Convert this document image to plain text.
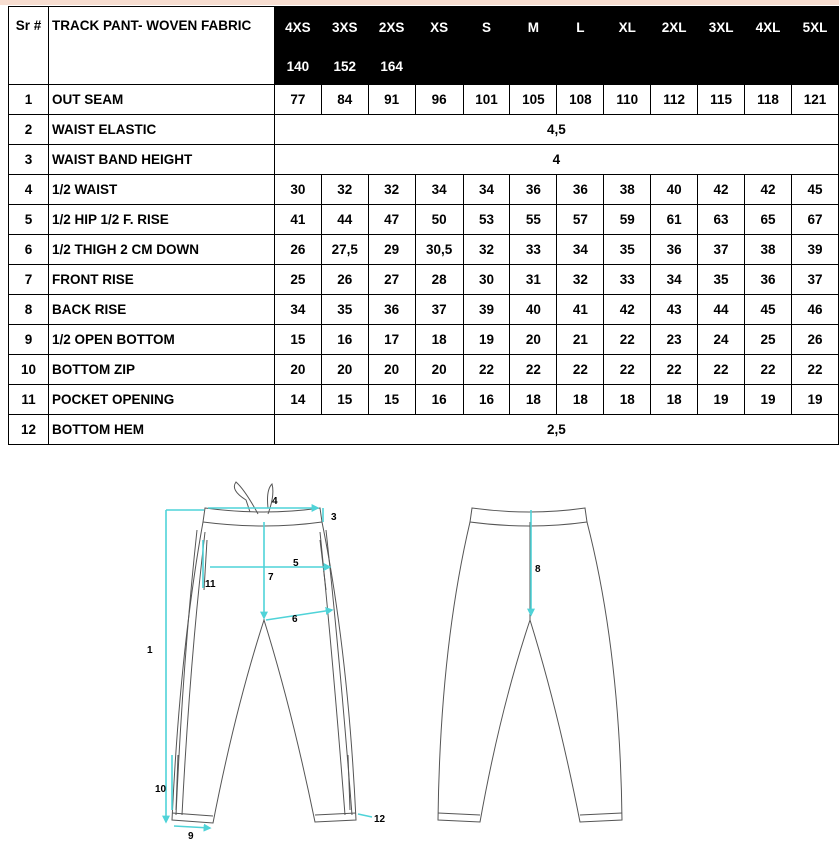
Sr #	TRACK PANT- WOVEN FABRIC	4XS	3XS	2XS	XS	S	M	L	XL	2XL	3XL	4XL	5XL
		140	152	164									
1	OUT SEAM	77	84	91	96	101	105	108	110	112	115	118	121
2	WAIST ELASTIC	4,5											
3	WAIST BAND HEIGHT	4											
4	1/2 WAIST	30	32	32	34	34	36	36	38	40	42	42	45
5	1/2 HIP 1/2 F. RISE	41	44	47	50	53	55	57	59	61	63	65	67
6	1/2 THIGH 2 CM DOWN	26	27,5	29	30,5	32	33	34	35	36	37	38	39
7	FRONT RISE	25	26	27	28	30	31	32	33	34	35	36	37
8	BACK RISE	34	35	36	37	39	40	41	42	43	44	45	46
9	1/2 OPEN BOTTOM	15	16	17	18	19	20	21	22	23	24	25	26
10	BOTTOM ZIP	20	20	20	20	22	22	22	22	22	22	22	22
11	POCKET OPENING	14	15	15	16	16	18	18	18	18	19	19	19
12	BOTTOM HEM	2,5											
1
4
3
5
7
6
11
10
9
12
8
